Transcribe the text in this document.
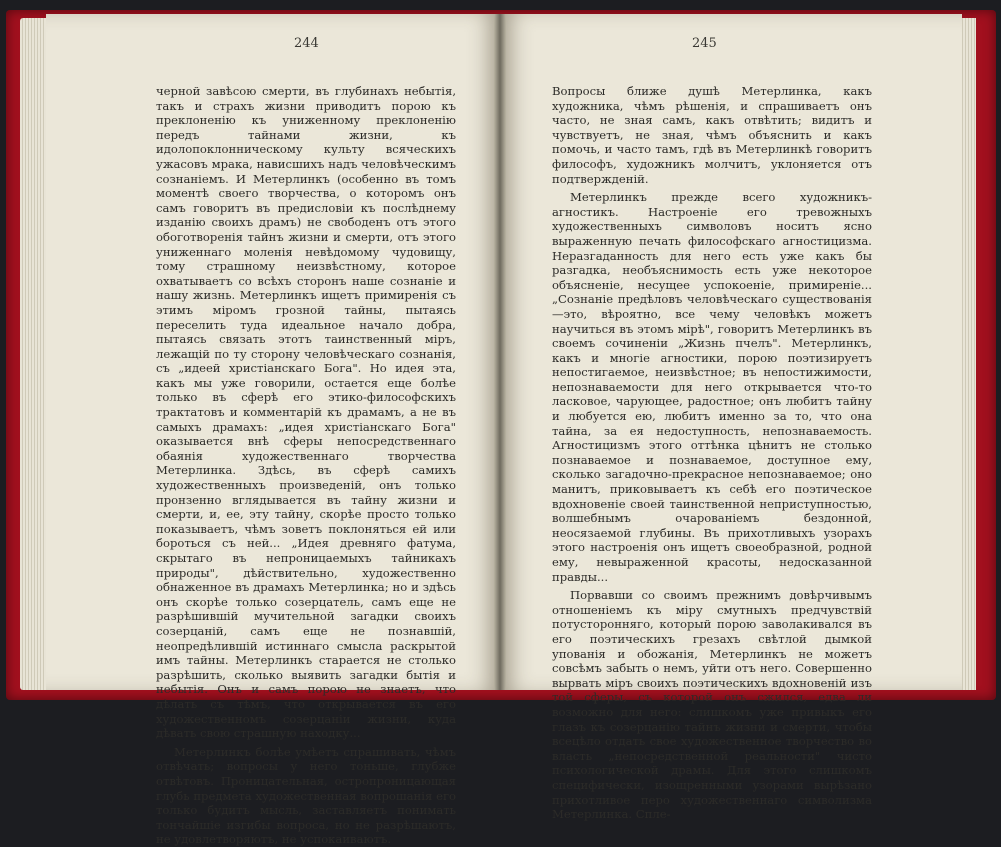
244

черной завѣсою смерти, въ глубинахъ небытія, такъ и страхъ жизни приводитъ порою къ преклоненію къ униженному преклоненію передъ тайнами жизни, къ идолопоклонническому культу всяческихъ ужасовъ мрака, нависшихъ надъ человѣческимъ сознаніемъ. И Метерлинкъ (особенно въ томъ моментѣ своего творчества, о которомъ онъ самъ говоритъ въ предисловіи къ послѣднему изданію своихъ драмъ) не свободенъ отъ этого обоготворенія тайнъ жизни и смерти, отъ этого униженнаго моленія невѣдомому чудовищу, тому страшному неизвѣстному, которое охватываетъ со всѣхъ сторонъ наше сознаніе и нашу жизнь. Метерлинкъ ищетъ примиренія съ этимъ міромъ грозной тайны, пытаясь переселить туда идеальное начало добра, пытаясь связать этотъ таинственный міръ, лежащій по ту сторону человѣческаго сознанія, съ „идеей христіанскаго Бога". Но идея эта, какъ мы уже говорили, остается еще болѣе только въ сферѣ его этико-философскихъ трактатовъ и комментарій къ драмамъ, а не въ самыхъ драмахъ: „идея христіанскаго Бога" оказывается внѣ сферы непосредственнаго обаянія художественнаго творчества Метерлинка. Здѣсь, въ сферѣ самихъ художественныхъ произведеній, онъ только пронзенно вглядывается въ тайну жизни и смерти, и, ее, эту тайну, скорѣе просто только показываетъ, чѣмъ зоветъ поклоняться ей или бороться съ ней... „Идея древняго фатума, скрытаго въ непроницаемыхъ тайникахъ природы", дѣйствительно, художественно обнаженное въ драмахъ Метерлинка; но и здѣсь онъ скорѣе только созерцатель, самъ еще не разрѣшившій мучительной загадки своихъ созерцаній, самъ еще не познавшій, неопредѣлившій истиннаго смысла раскрытой имъ тайны. Метерлинкъ старается не столько разрѣшить, сколько выявить загадки бытія и небытія. Онъ и самъ порою не знаетъ, что дѣлать съ тѣмъ, что открывается въ его художественномъ созерцаніи жизни, куда дѣвать свою страшную находку...

Метерлинкъ болѣе умѣетъ спрашивать, чѣмъ отвѣчать; вопросы у него тоньше, глубже отвѣтовъ. Проницательная, остропроницающая глубь предмета художественная вопрошанія его только будитъ мысль, заставляетъ понимать тончайшіе изгибы вопроса, но не разрѣшаютъ, не удовлетворяютъ, не успокаиваютъ.

245

Вопросы ближе душѣ Метерлинка, какъ художника, чѣмъ рѣшенія, и спрашиваетъ онъ часто, не зная самъ, какъ отвѣтить; видитъ и чувствуетъ, не зная, чѣмъ объяснить и какъ помочь, и часто тамъ, гдѣ въ Метерлинкѣ говоритъ философъ, художникъ молчитъ, уклоняется отъ подтвержденій.

Метерлинкъ прежде всего художникъ-агностикъ. Настроеніе его тревожныхъ художественныхъ символовъ носитъ ясно выраженную печать философскаго агностицизма. Неразгаданность для него есть уже какъ бы разгадка, необъяснимость есть уже некоторое объясненіе, несущее успокоеніе, примиреніе... „Сознаніе предѣловъ человѣческаго существованія—это, вѣроятно, все чему человѣкъ можетъ научиться въ этомъ мірѣ", говоритъ Метерлинкъ въ своемъ сочиненіи „Жизнь пчелъ". Метерлинкъ, какъ и многіе агностики, порою поэтизируетъ непостигаемое, неизвѣстное; въ непостижимости, непознаваемости для него открывается что-то ласковое, чарующее, радостное; онъ любитъ тайну и любуется ею, любитъ именно за то, что она тайна, за ея недоступность, непознаваемость. Агностицизмъ этого оттѣнка цѣнитъ не столько познаваемое и познаваемое, доступное ему, сколько загадочно-прекрасное непознаваемое; оно манитъ, приковываетъ къ себѣ его поэтическое вдохновеніе своей таинственной неприступностью, волшебнымъ очарованіемъ бездонной, неосязаемой глубины. Въ прихотливыхъ узорахъ этого настроенія онъ ищетъ своеобразной, родной ему, невыраженной красоты, недосказанной правды...

Порвавши со своимъ прежнимъ довѣрчивымъ отношеніемъ къ міру смутныхъ предчувствій потусторонняго, который порою заволакивался въ его поэтическихъ грезахъ свѣтлой дымкой упованія и обожанія, Метерлинкъ не можетъ совсѣмъ забыть о немъ, уйти отъ него. Совершенно вырвать міръ своихъ поэтическихъ вдохновеній изъ той сферы, съ которой онъ сжился, едва ли возможно для него: слишкомъ уже привыкъ его глазъ къ созерцанію тайнъ жизни и смерти, чтобы всецѣло отдать свое художественное творчество во власть „непосредственной реальности" чисто психологической драмы. Для этого слишкомъ специфически, изощренными узорами вырѣзано прихотливое перо художественнаго символизма Метерлинка. Спле-
